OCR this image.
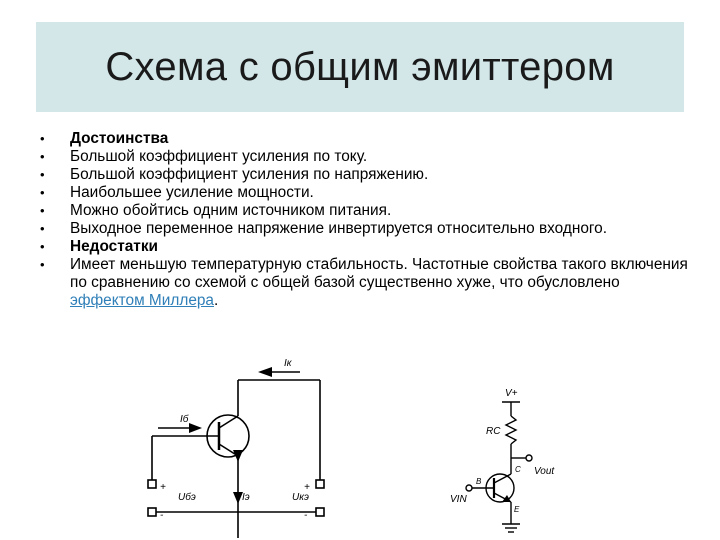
Схема с общим эмиттером
•	Достоинства
•	Большой коэффициент усиления по току.
•	Большой коэффициент усиления по напряжению.
•	Наибольшее усиление мощности.
•	Можно обойтись одним источником питания.
•	Выходное переменное напряжение инвертируется относительно входного.
•	Недостатки
•	Имеет меньшую температурную стабильность. Частотные свойства такого включения по сравнению со схемой с общей базой существенно хуже, что обусловлено эффектом Миллера.
Iк
Iб
Iэ
Uбэ	Uкэ
+
-
+
-
V+
RC
C Vout
B
VIN
E
